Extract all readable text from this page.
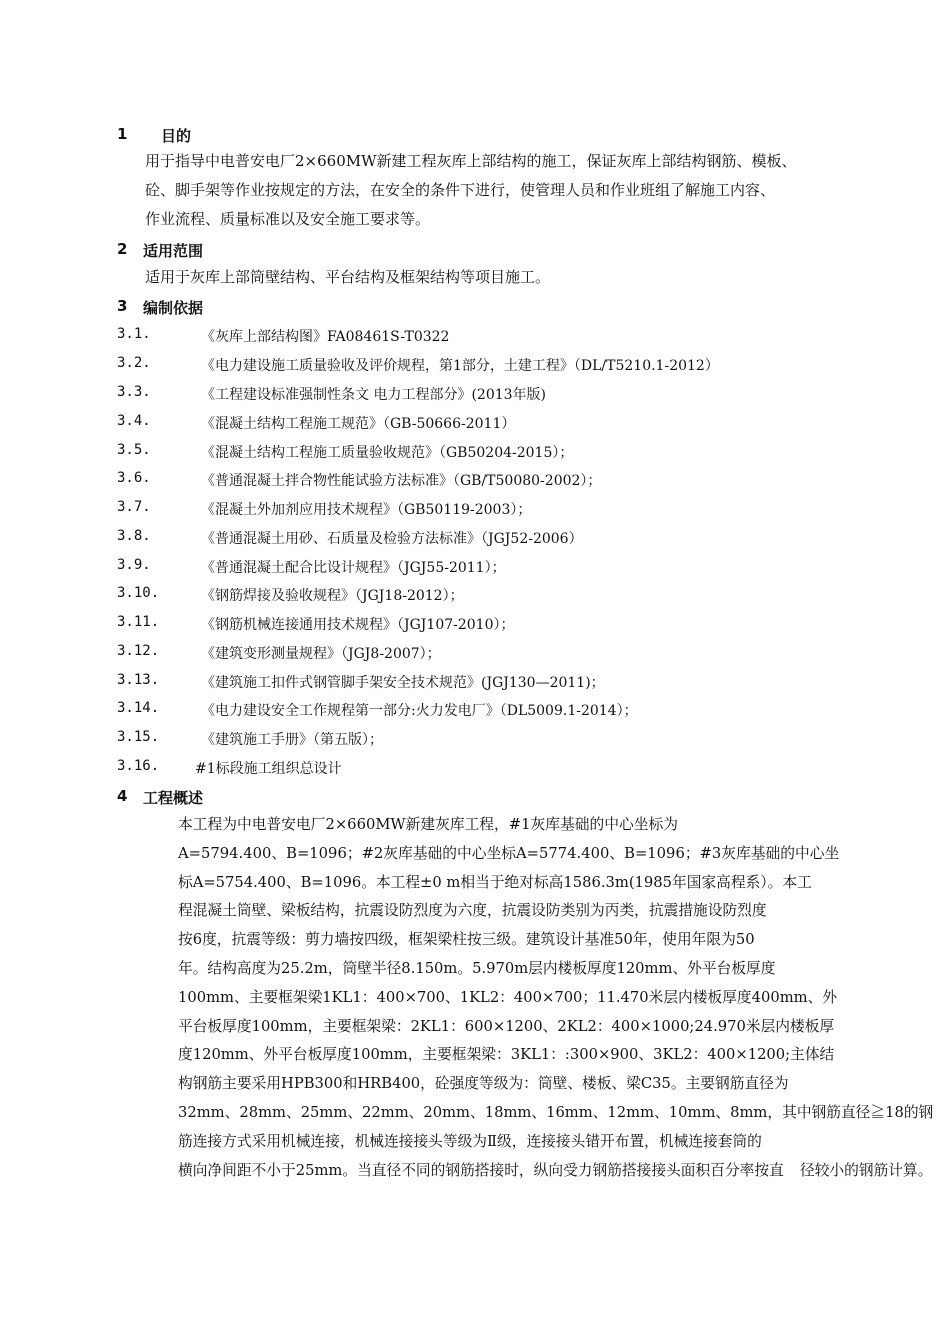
1 目的
用于指导中电普安电厂2×660MW新建工程灰库上部结构的施工，保证灰库上部结构钢筋、模板、
砼、脚手架等作业按规定的方法，在安全的条件下进行，使管理人员和作业班组了解施工内容、
作业流程、质量标准以及安全施工要求等。
2 适用范围
适用于灰库上部筒壁结构、平台结构及框架结构等项目施工。
3 编制依据
3.1.	《灰库上部结构图》FA08461S-T0322
3.2.	《电力建设施工质量验收及评价规程，第1部分，土建工程》（DL/T5210.1-2012）
3.3.	《工程建设标准强制性条文 电力工程部分》(2013年版)
3.4.	《混凝土结构工程施工规范》（GB-50666-2011）
3.5.	《混凝土结构工程施工质量验收规范》（GB50204-2015）；
3.6.	《普通混凝土拌合物性能试验方法标准》（GB/T50080-2002）；
3.7.	《混凝土外加剂应用技术规程》（GB50119-2003）；
3.8.	《普通混凝土用砂、石质量及检验方法标准》（JGJ52-2006）
3.9.	《普通混凝土配合比设计规程》（JGJ55-2011）；
3.10.	《钢筋焊接及验收规程》（JGJ18-2012）；
3.11.	《钢筋机械连接通用技术规程》（JGJ107-2010）；
3.12.	《建筑变形测量规程》（JGJ8-2007）；
3.13.	《建筑施工扣件式钢管脚手架安全技术规范》(JGJ130—2011)；
3.14.	《电力建设安全工作规程第一部分:火力发电厂》（DL5009.1-2014）；
3.15.	《建筑施工手册》（第五版）；
3.16.	#1标段施工组织总设计
4 工程概述
本工程为中电普安电厂2×660MW新建灰库工程，#1灰库基础的中心坐标为 A=5794.400、B=1096；#2灰库基础的中心坐标A=5774.400、B=1096；#3灰库基础的中心坐 标A=5754.400、B=1096。本工程±0 m相当于绝对标高1586.3m(1985年国家高程系）。本工 程混凝土筒壁、梁板结构，抗震设防烈度为六度，抗震设防类别为丙类，抗震措施设防烈度 按6度，抗震等级：剪力墙按四级，框架梁柱按三级。建筑设计基准50年，使用年限为50 年。结构高度为25.2m，筒壁半径8.150m。5.970m层内楼板厚度120mm、外平台板厚度 100mm、主要框架梁1KL1：400×700、1KL2：400×700；11.470米层内楼板厚度400mm、外 平台板厚度100mm，主要框架梁：2KL1：600×1200、2KL2：400×1000;24.970米层内楼板厚 度120mm、外平台板厚度100mm，主要框架梁：3KL1：:300×900、3KL2：400×1200;主体结 构钢筋主要采用HPB300和HRB400，砼强度等级为：筒壁、楼板、梁C35。主要钢筋直径为 32mm、28mm、25mm、22mm、20mm、18mm、16mm、12mm、10mm、8mm，其中钢筋直径≧18的钢 筋连接方式采用机械连接，机械连接接头等级为Ⅱ级，连接接头错开布置，机械连接套筒的 横向净间距不小于25mm。当直径不同的钢筋搭接时，纵向受力钢筋搭接接头面积百分率按直 径较小的钢筋计算。
